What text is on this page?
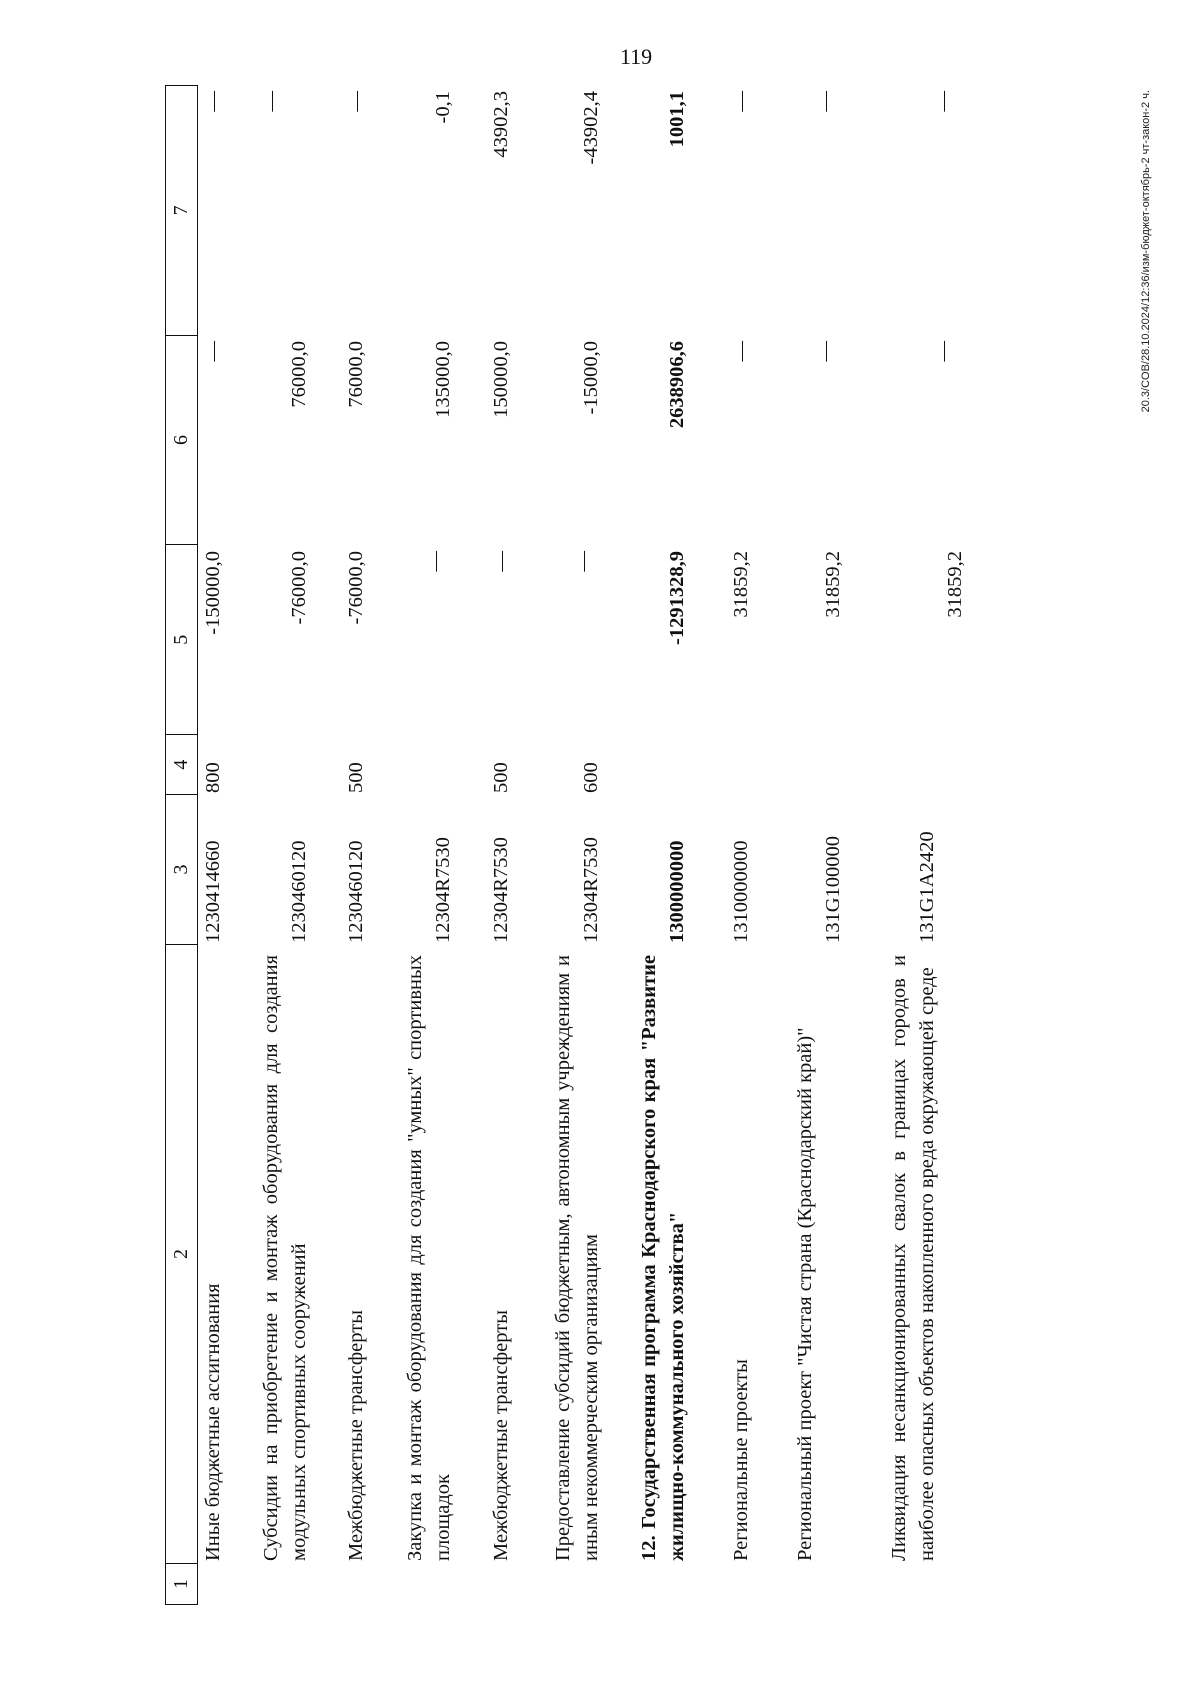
119
20.3/COB/28.10.2024/12:36/изм-бюджет-октябрь-2 чт-закон-2 ч.
1
2
3
4
5
6
7
Иные бюджетные ассигнования
1230414660
800
-150000,0
—
—
Субсидии на приобретение и монтаж оборудования для создания модульных спортивных сооружений
1230460120
-76000,0
76000,0
—
Межбюджетные трансферты
1230460120
500
-76000,0
76000,0
—
Закупка и монтаж оборудования для создания "умных" спортивных площадок
12304R7530
—
135000,0
-0,1
Межбюджетные трансферты
12304R7530
500
—
150000,0
43902,3
Предоставление субсидий бюджетным, автономным учреждениям и иным некоммерческим организациям
12304R7530
600
—
-15000,0
-43902,4
12. Государственная программа Краснодарского края "Развитие жилищно-коммунального хозяйства"
1300000000
-1291328,9
2638906,6
1001,1
Региональные проекты
1310000000
31859,2
—
—
Региональный проект "Чистая страна (Краснодарский край)"
131G100000
31859,2
—
—
Ликвидация несанкционированных свалок в границах городов и наиболее опасных объектов накопленного вреда окружающей среде
131G1A2420
31859,2
—
—
